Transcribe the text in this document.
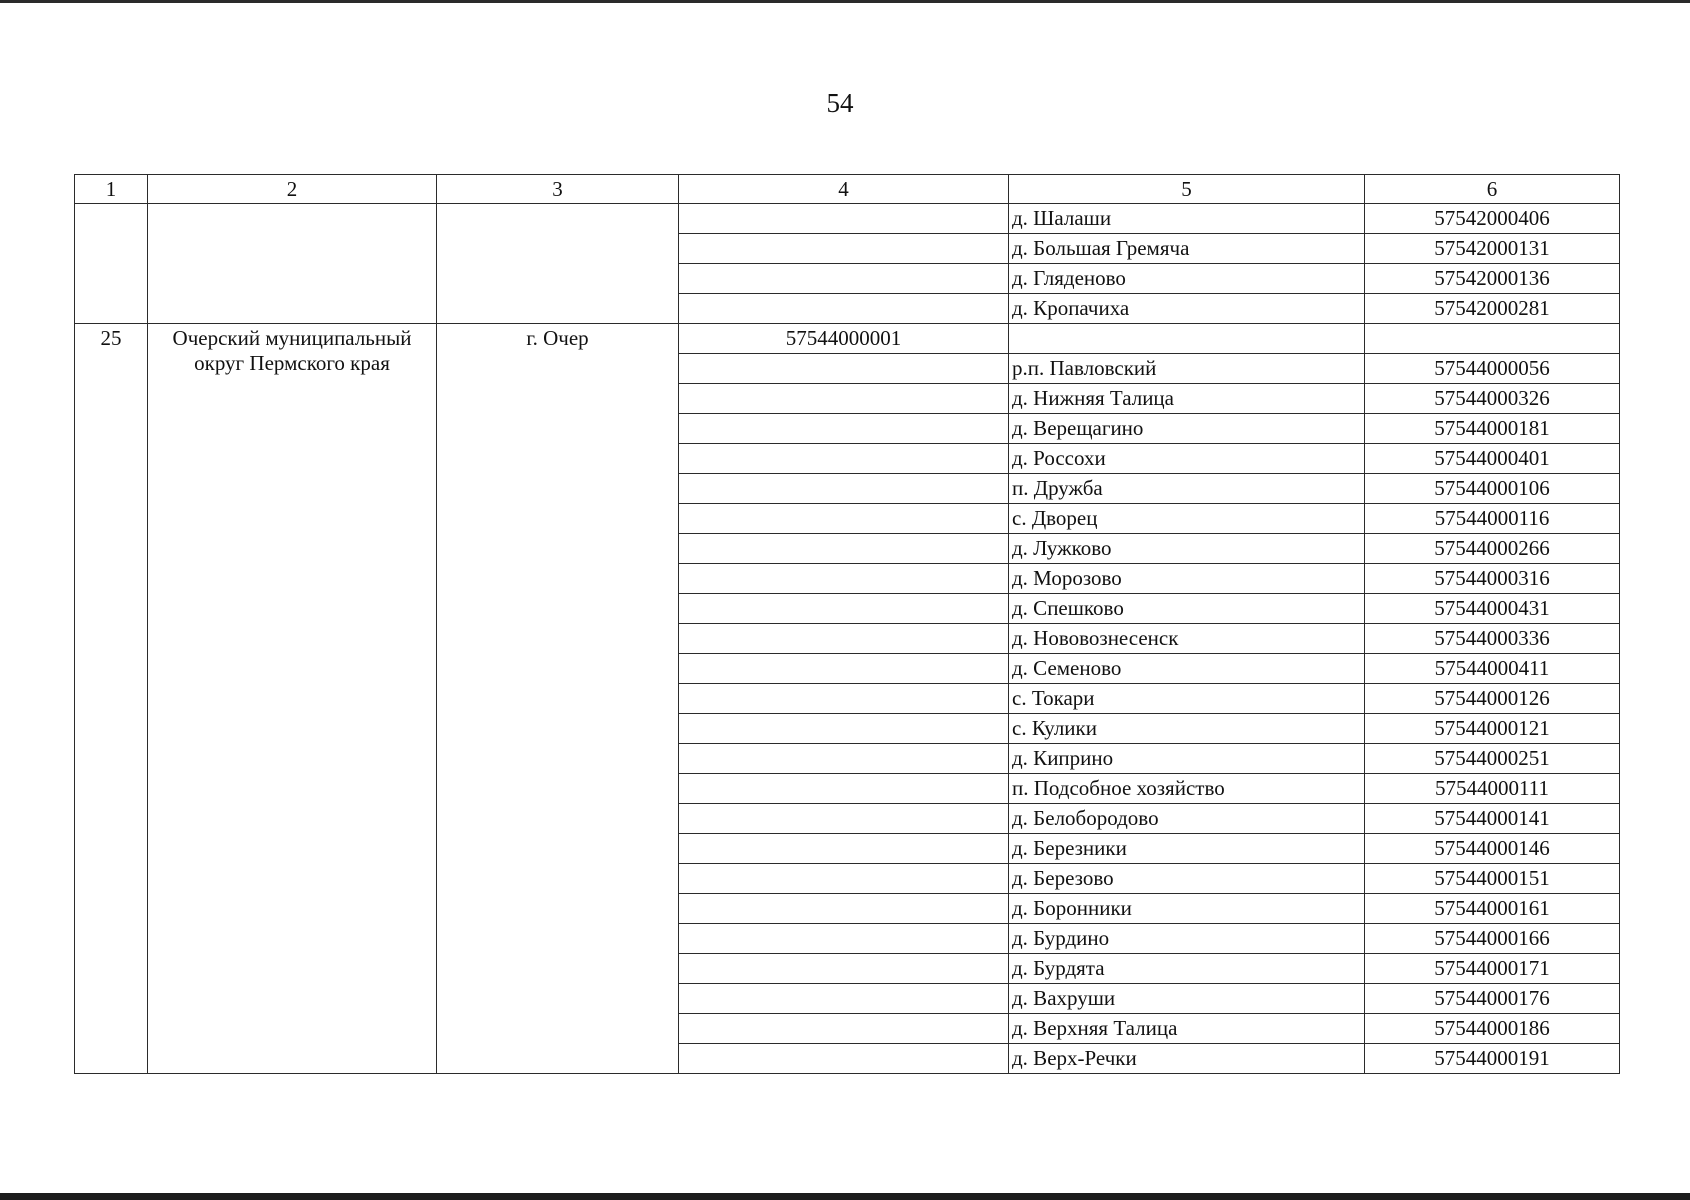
54
1	2	3	4	5	6
				д. Шалаши	57542000406
				д. Большая Гремяча	57542000131
				д. Гляденово	57542000136
				д. Кропачиха	57542000281
25	Очерский муниципальный округ Пермского края	г. Очер	57544000001		
				р.п. Павловский	57544000056
				д. Нижняя Талица	57544000326
				д. Верещагино	57544000181
				д. Россохи	57544000401
				п. Дружба	57544000106
				с. Дворец	57544000116
				д. Лужково	57544000266
				д. Морозово	57544000316
				д. Спешково	57544000431
				д. Нововознесенск	57544000336
				д. Семеново	57544000411
				с. Токари	57544000126
				с. Кулики	57544000121
				д. Киприно	57544000251
				п. Подсобное хозяйство	57544000111
				д. Белобородово	57544000141
				д. Березники	57544000146
				д. Березово	57544000151
				д. Боронники	57544000161
				д. Бурдино	57544000166
				д. Бурдята	57544000171
				д. Вахруши	57544000176
				д. Верхняя Талица	57544000186
				д. Верх-Речки	57544000191
